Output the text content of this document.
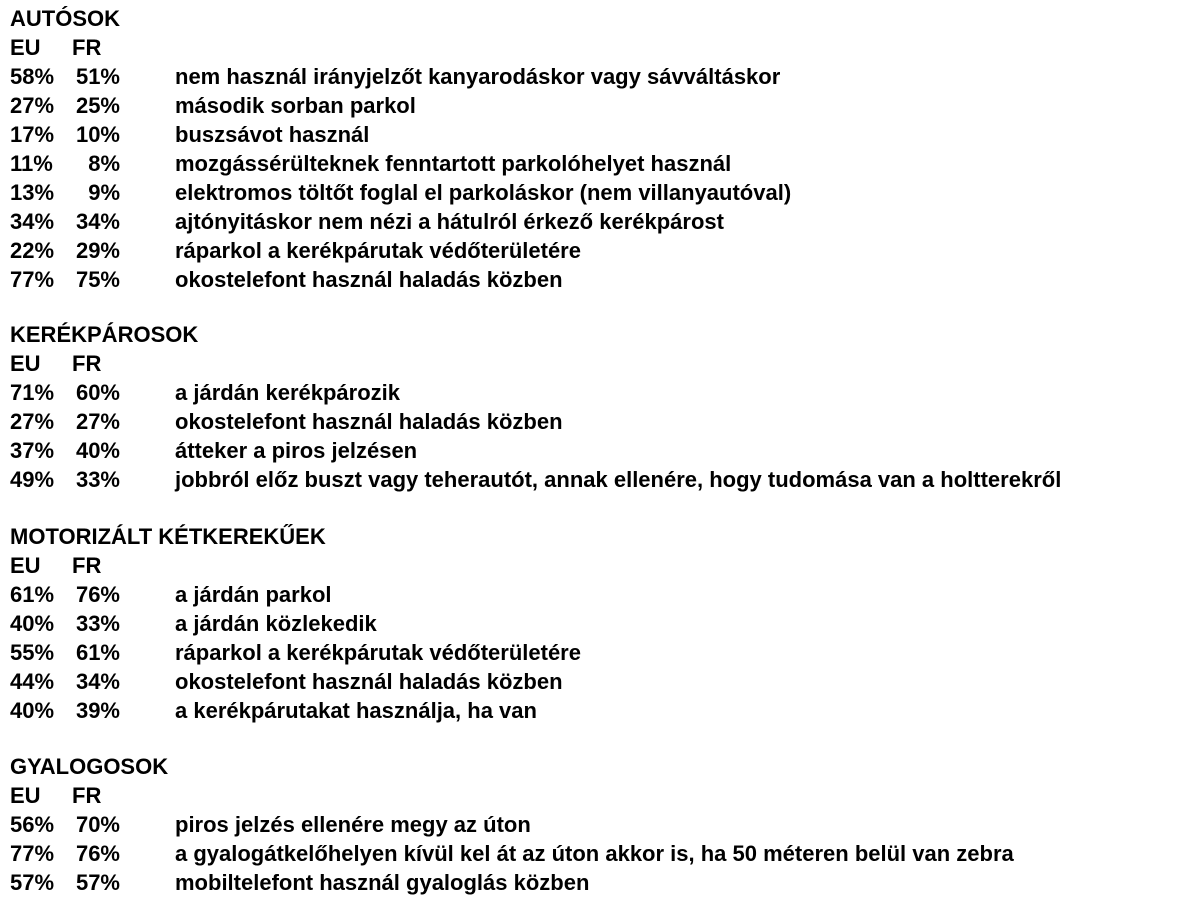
AUTÓSOK
EU	FR
58% 51%	nem használ irányjelzőt kanyarodáskor vagy sávváltáskor
27% 25%	második sorban parkol
17% 10%	buszsávot használ
11%	8%	mozgássérülteknek fenntartott parkolóhelyet használ
13%	9%	elektromos töltőt foglal el parkoláskor (nem villanyautóval)
34% 34%	ajtónyitáskor nem nézi a hátulról érkező kerékpárost
22% 29%	ráparkol a kerékpárutak védőterületére
77% 75%	okostelefont használ haladás közben
KERÉKPÁROSOK
EU	FR
71% 60%	a járdán kerékpározik
27% 27%	okostelefont használ haladás közben
37% 40%	átteker a piros jelzésen
49% 33%	jobbról előz buszt vagy teherautót, annak ellenére, hogy tudomása van a holtterekről
MOTORIZÁLT KÉTKEREKŰEK
EU	FR
61% 76%	a járdán parkol
40% 33%	a járdán közlekedik
55% 61%	ráparkol a kerékpárutak védőterületére
44% 34%	okostelefont használ haladás közben
40% 39%	a kerékpárutakat használja, ha van
GYALOGOSOK
EU	FR
56% 70%	piros jelzés ellenére megy az úton
77% 76%	a gyalogátkelőhelyen kívül kel át az úton akkor is, ha 50 méteren belül van zebra
57% 57%	mobiltelefont használ gyaloglás közben
